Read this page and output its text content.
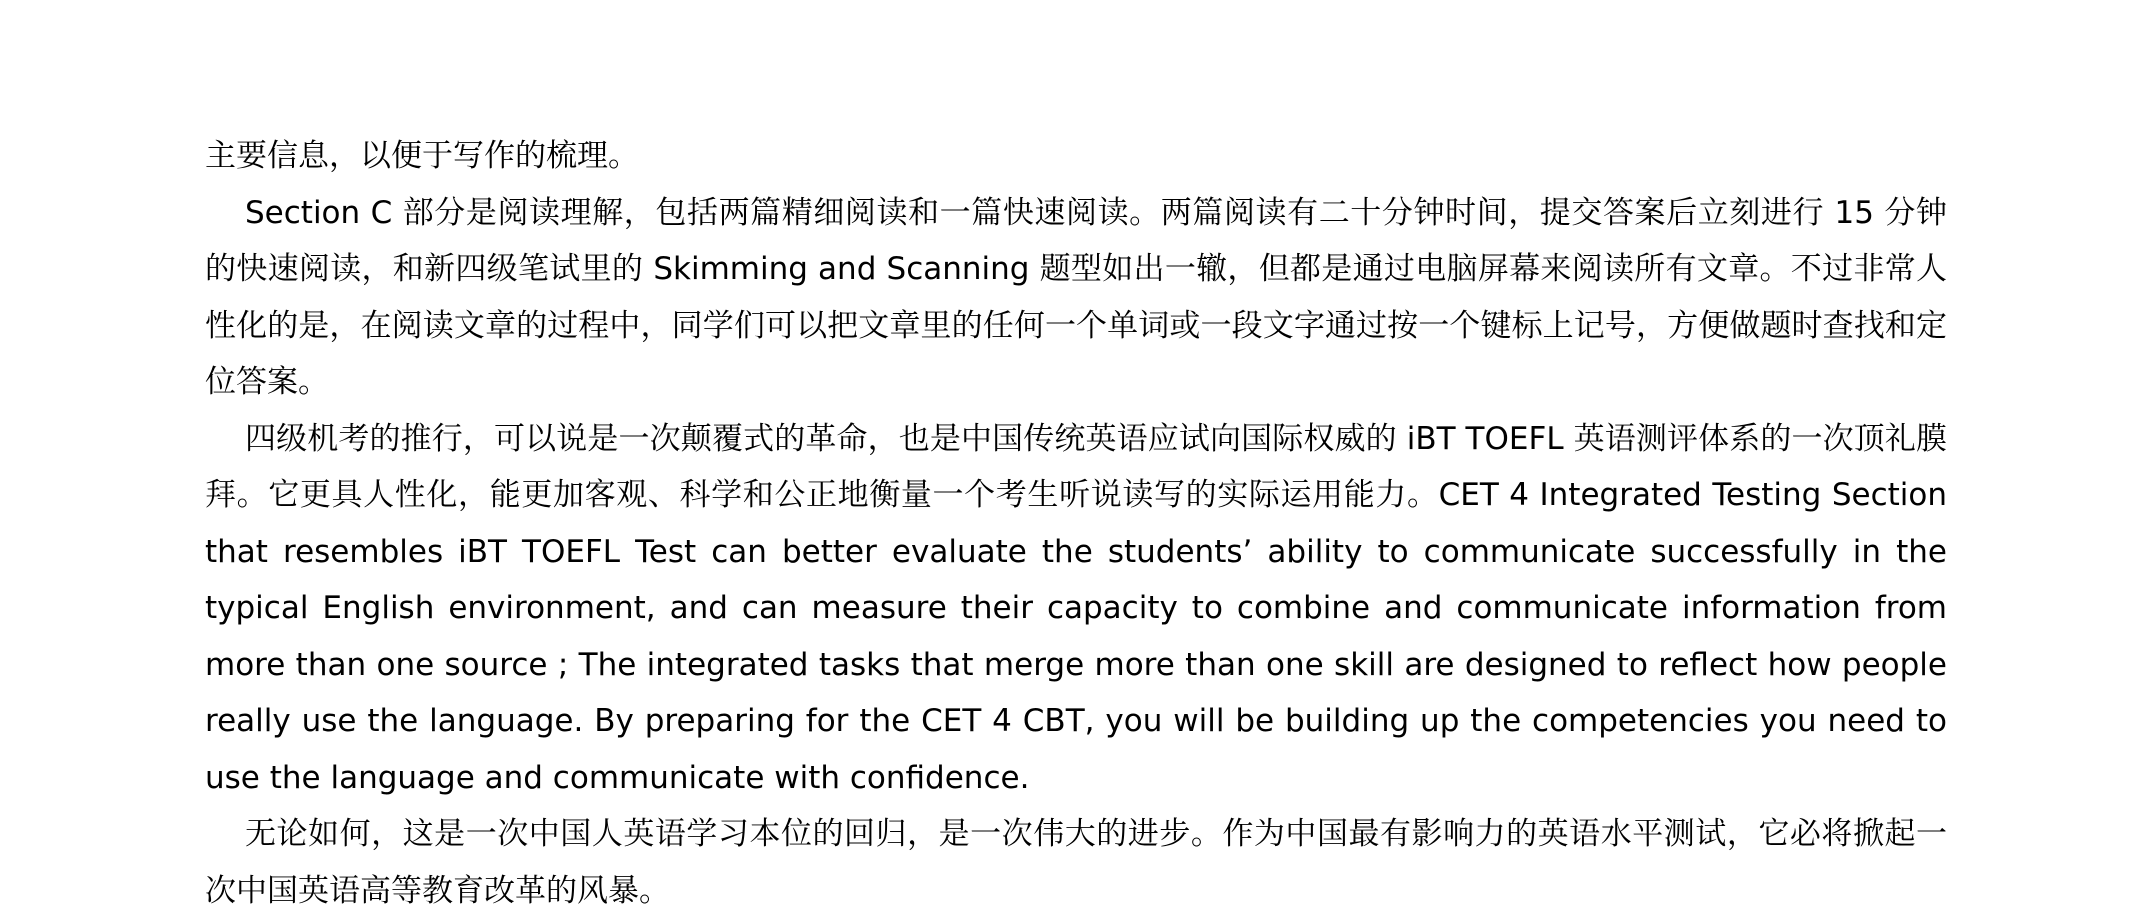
主要信息，以便于写作的梳理。

Section C 部分是阅读理解，包括两篇精细阅读和一篇快速阅读。两篇阅读有二十分钟时间，提交答案后立刻进行 15 分钟的快速阅读，和新四级笔试里的 Skimming and Scanning 题型如出一辙，但都是通过电脑屏幕来阅读所有文章。不过非常人性化的是，在阅读文章的过程中，同学们可以把文章里的任何一个单词或一段文字通过按一个键标上记号，方便做题时查找和定位答案。

四级机考的推行，可以说是一次颠覆式的革命，也是中国传统英语应试向国际权威的 iBT TOEFL 英语测评体系的一次顶礼膜拜。它更具人性化，能更加客观、科学和公正地衡量一个考生听说读写的实际运用能力。CET 4 Integrated Testing Section that resembles iBT TOEFL Test can better evaluate the students’ ability to communicate successfully in the typical English environment, and can measure their capacity to combine and communicate information from more than one source ; The integrated tasks that merge more than one skill are designed to reflect how people really use the language. By preparing for the CET 4 CBT, you will be building up the competencies you need to use the language and communicate with confidence.

无论如何，这是一次中国人英语学习本位的回归，是一次伟大的进步。作为中国最有影响力的英语水平测试，它必将掀起一次中国英语高等教育改革的风暴。
